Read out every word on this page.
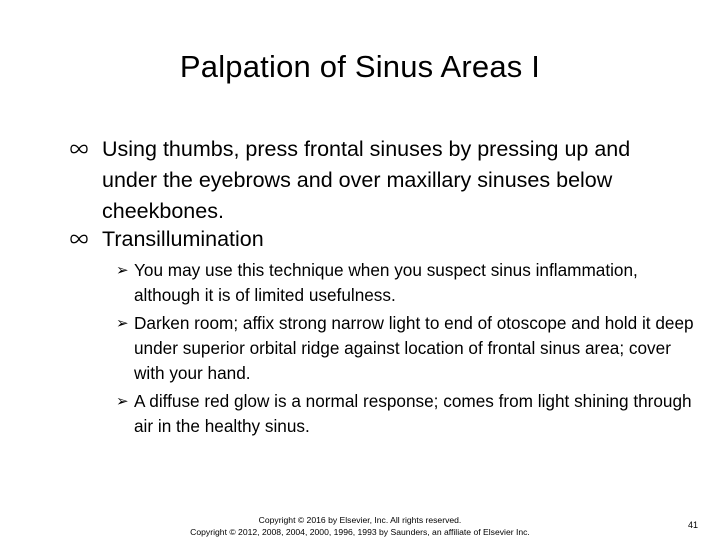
Palpation of Sinus Areas I
Using thumbs, press frontal sinuses by pressing up and under the eyebrows and over maxillary sinuses below cheekbones.
Transillumination
➢ You may use this technique when you suspect sinus inflammation, although it is of limited usefulness.
➢ Darken room; affix strong narrow light to end of otoscope and hold it deep under superior orbital ridge against location of frontal sinus area; cover with your hand.
➢ A diffuse red glow is a normal response; comes from light shining through air in the healthy sinus.
Copyright © 2016 by Elsevier, Inc. All rights reserved.
Copyright © 2012, 2008, 2004, 2000, 1996, 1993 by Saunders, an affiliate of Elsevier Inc.
41
